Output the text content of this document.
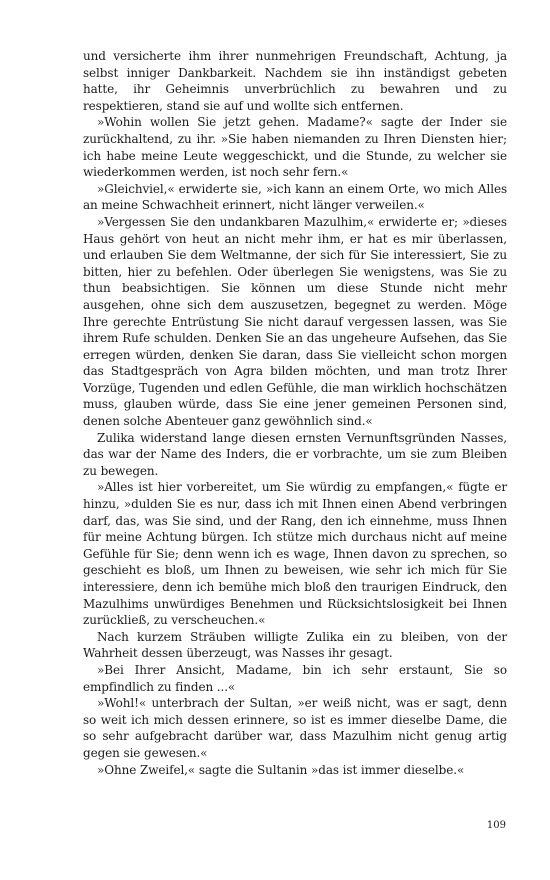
und versicherte ihm ihrer nunmehrigen Freundschaft, Achtung, ja selbst inniger Dankbarkeit. Nachdem sie ihn inständigst gebeten hatte, ihr Geheimnis unverbrüchlich zu bewahren und zu respektieren, stand sie auf und wollte sich entfernen.

»Wohin wollen Sie jetzt gehen. Madame?« sagte der Inder sie zurückhaltend, zu ihr. »Sie haben niemanden zu Ihren Diensten hier; ich habe meine Leute weggeschickt, und die Stunde, zu welcher sie wiederkommen werden, ist noch sehr fern.«

»Gleichviel,« erwiderte sie, »ich kann an einem Orte, wo mich Alles an meine Schwachheit erinnert, nicht länger verweilen.«

»Vergessen Sie den undankbaren Mazulhim,« erwiderte er; »dieses Haus gehört von heut an nicht mehr ihm, er hat es mir überlassen, und erlauben Sie dem Weltmanne, der sich für Sie interessiert, Sie zu bitten, hier zu befehlen. Oder überlegen Sie wenigstens, was Sie zu thun beabsichtigen. Sie können um diese Stunde nicht mehr ausgehen, ohne sich dem auszusetzen, begegnet zu werden. Möge Ihre gerechte Entrüstung Sie nicht darauf vergessen lassen, was Sie ihrem Rufe schulden. Denken Sie an das ungeheure Aufsehen, das Sie erregen würden, denken Sie daran, dass Sie vielleicht schon morgen das Stadtgespräch von Agra bilden möchten, und man trotz Ihrer Vorzüge, Tugenden und edlen Gefühle, die man wirklich hochschätzen muss, glauben würde, dass Sie eine jener gemeinen Personen sind, denen solche Abenteuer ganz gewöhnlich sind.«

Zulika widerstand lange diesen ernsten Vernunftsgründen Nasses, das war der Name des Inders, die er vorbrachte, um sie zum Bleiben zu bewegen.

»Alles ist hier vorbereitet, um Sie würdig zu empfangen,« fügte er hinzu, »dulden Sie es nur, dass ich mit Ihnen einen Abend verbringen darf, das, was Sie sind, und der Rang, den ich einnehme, muss Ihnen für meine Achtung bürgen. Ich stütze mich durchaus nicht auf meine Gefühle für Sie; denn wenn ich es wage, Ihnen davon zu sprechen, so geschieht es bloß, um Ihnen zu beweisen, wie sehr ich mich für Sie interessiere, denn ich bemühe mich bloß den traurigen Eindruck, den Mazulhims unwürdiges Benehmen und Rücksichtslosigkeit bei Ihnen zurückließ, zu verscheuchen.«

Nach kurzem Sträuben willigte Zulika ein zu bleiben, von der Wahrheit dessen überzeugt, was Nasses ihr gesagt.

»Bei Ihrer Ansicht, Madame, bin ich sehr erstaunt, Sie so empfindlich zu finden ...«

»Wohl!« unterbrach der Sultan, »er weiß nicht, was er sagt, denn so weit ich mich dessen erinnere, so ist es immer dieselbe Dame, die so sehr aufgebracht darüber war, dass Mazulhim nicht genug artig gegen sie gewesen.«

»Ohne Zweifel,« sagte die Sultanin »das ist immer dieselbe.«

109
